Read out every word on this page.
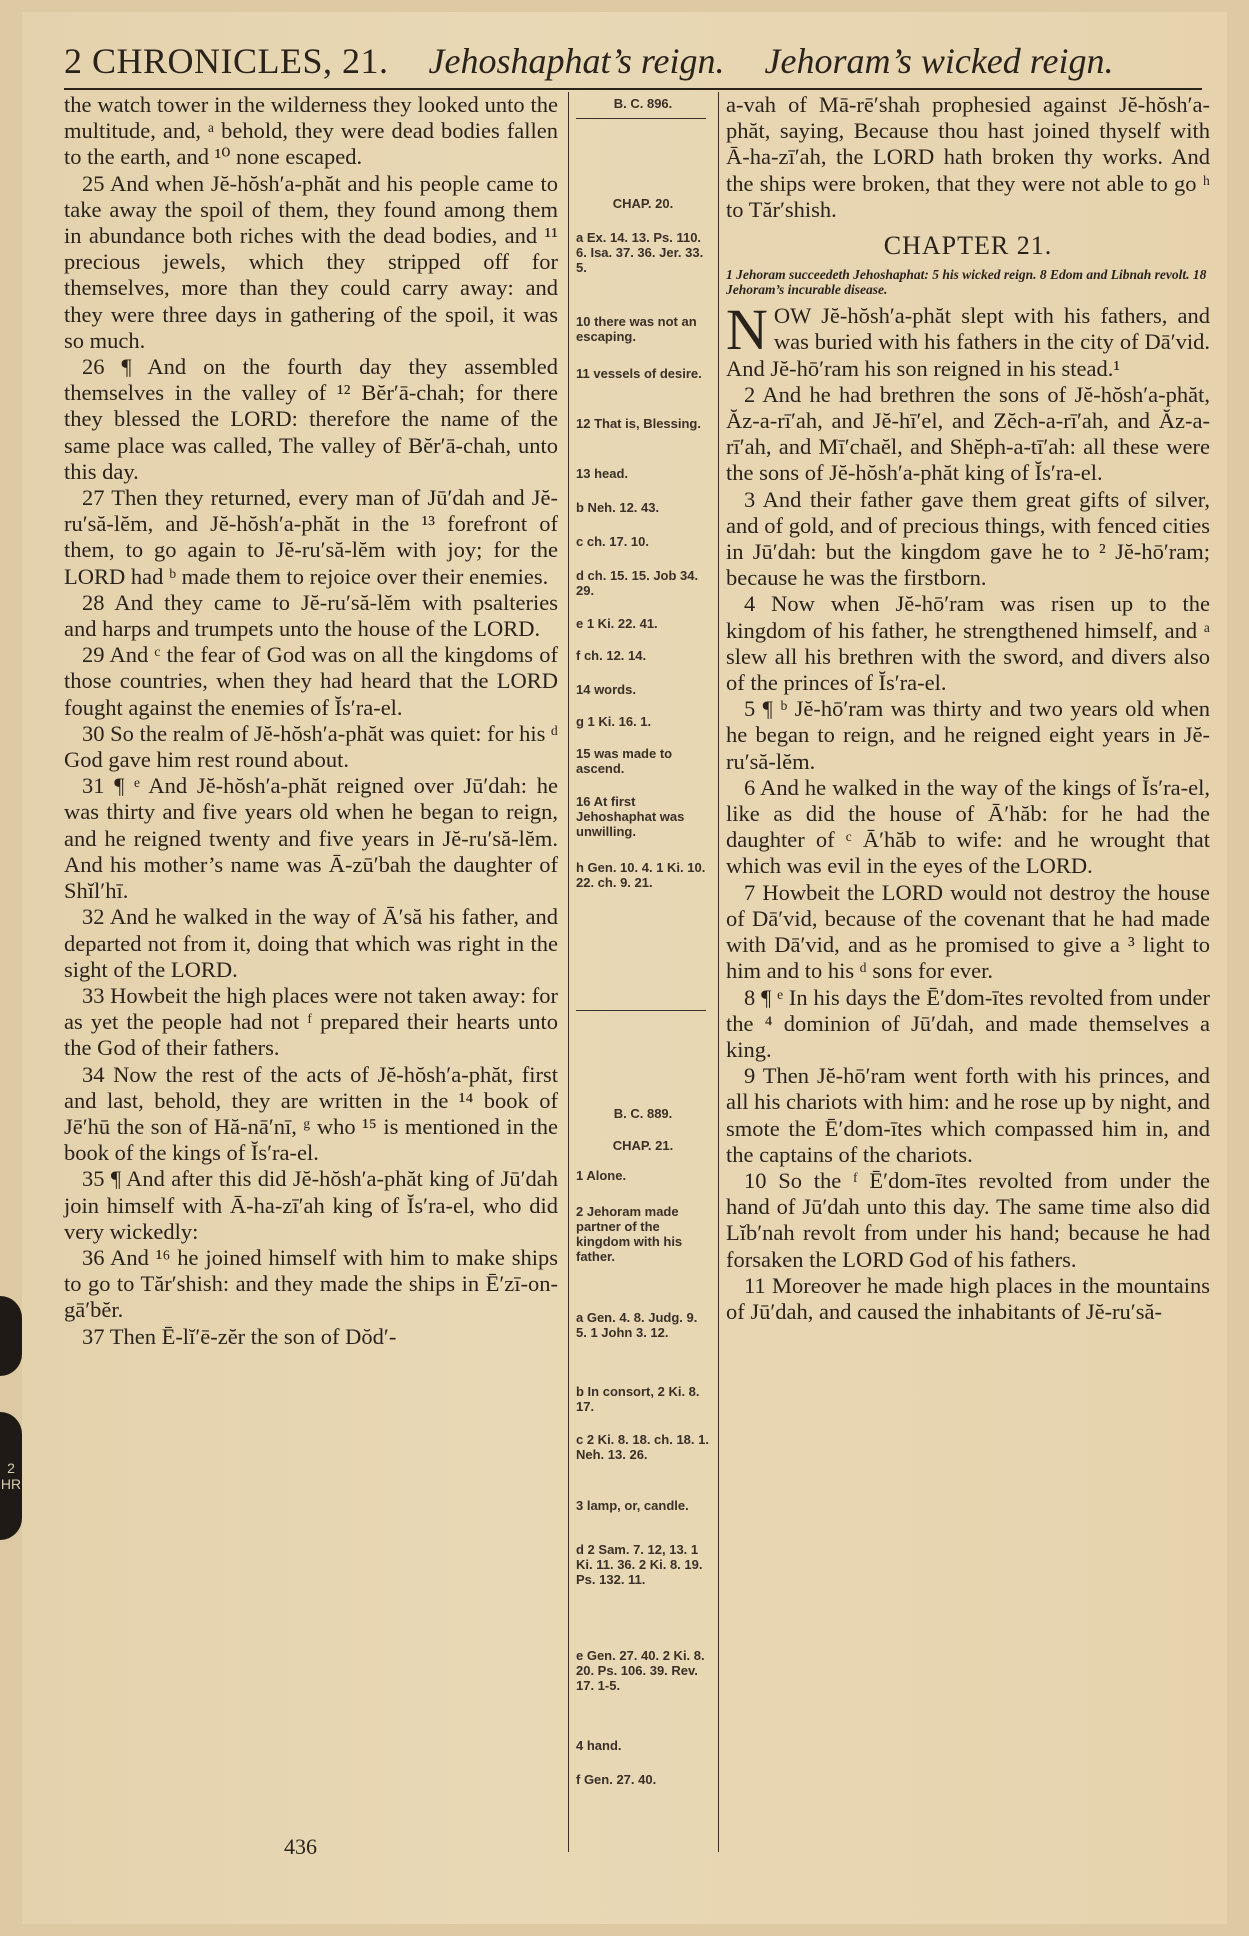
2 CHRONICLES, 21. Jehoshaphat’s reign. Jehoram’s wicked reign.

the watch tower in the wilderness they looked unto the multitude, and, ᵃ behold, they were dead bodies fallen to the earth, and ¹⁰ none escaped.

25 And when Jĕ-hŏsh′a-phăt and his people came to take away the spoil of them, they found among them in abundance both riches with the dead bodies, and ¹¹ precious jewels, which they stripped off for themselves, more than they could carry away: and they were three days in gathering of the spoil, it was so much.

26 ¶ And on the fourth day they assembled themselves in the valley of ¹² Bĕr′ā-chah; for there they blessed the LORD: therefore the name of the same place was called, The valley of Bĕr′ā-chah, unto this day.

27 Then they returned, every man of Jū′dah and Jĕ-ru′să-lĕm, and Jĕ-hŏsh′a-phăt in the ¹³ forefront of them, to go again to Jĕ-ru′să-lĕm with joy; for the LORD had ᵇ made them to rejoice over their enemies.

28 And they came to Jĕ-ru′să-lĕm with psalteries and harps and trumpets unto the house of the LORD.

29 And ᶜ the fear of God was on all the kingdoms of those countries, when they had heard that the LORD fought against the enemies of Ĭs′ra-el.

30 So the realm of Jĕ-hŏsh′a-phăt was quiet: for his ᵈ God gave him rest round about.

31 ¶ ᵉ And Jĕ-hŏsh′a-phăt reigned over Jū′dah: he was thirty and five years old when he began to reign, and he reigned twenty and five years in Jĕ-ru′să-lĕm. And his mother’s name was Ā-zū′bah the daughter of Shĭl′hī.

32 And he walked in the way of Ā′să his father, and departed not from it, doing that which was right in the sight of the LORD.

33 Howbeit the high places were not taken away: for as yet the people had not ᶠ prepared their hearts unto the God of their fathers.

34 Now the rest of the acts of Jĕ-hŏsh′a-phăt, first and last, behold, they are written in the ¹⁴ book of Jē′hū the son of Hă-nā′nī, ᵍ who ¹⁵ is mentioned in the book of the kings of Ĭs′ra-el.

35 ¶ And after this did Jĕ-hŏsh′a-phăt king of Jū′dah join himself with Ā-ha-zī′ah king of Ĭs′ra-el, who did very wickedly:

36 And ¹⁶ he joined himself with him to make ships to go to Tăr′shish: and they made the ships in Ē′zī-on-gā′bĕr.

37 Then Ē-lĭ′ē-zĕr the son of Dŏd′-

B. C. 896.
CHAP. 20.
a Ex. 14. 13. Ps. 110. 6. Isa. 37. 36. Jer. 33. 5.
10 there was not an escaping.
11 vessels of desire.
12 That is, Blessing.
13 head.
b Neh. 12. 43.
c ch. 17. 10.
d ch. 15. 15. Job 34. 29.
e 1 Ki. 22. 41.
f ch. 12. 14.
14 words.
g 1 Ki. 16. 1.
15 was made to ascend.
16 At first Jehoshaphat was unwilling.
h Gen. 10. 4. 1 Ki. 10. 22. ch. 9. 21.
B. C. 889.
CHAP. 21.
1 Alone.
2 Jehoram made partner of the kingdom with his father.
a Gen. 4. 8. Judg. 9. 5. 1 John 3. 12.
b In consort, 2 Ki. 8. 17.
c 2 Ki. 8. 18. ch. 18. 1. Neh. 13. 26.
3 lamp, or, candle.
d 2 Sam. 7. 12, 13. 1 Ki. 11. 36. 2 Ki. 8. 19. Ps. 132. 11.
e Gen. 27. 40. 2 Ki. 8. 20. Ps. 106. 39. Rev. 17. 1-5.
4 hand.
f Gen. 27. 40.

a-vah of Mā-rē′shah prophesied against Jĕ-hŏsh′a-phăt, saying, Because thou hast joined thyself with Ā-ha-zī′ah, the LORD hath broken thy works. And the ships were broken, that they were not able to go ʰ to Tăr′shish.

CHAPTER 21.
1 Jehoram succeedeth Jehoshaphat: 5 his wicked reign. 8 Edom and Libnah revolt. 18 Jehoram’s incurable disease.

NOW Jĕ-hŏsh′a-phăt slept with his fathers, and was buried with his fathers in the city of Dā′vid. And Jĕ-hō′ram his son reigned in his stead.¹

2 And he had brethren the sons of Jĕ-hŏsh′a-phăt, Ăz-a-rī′ah, and Jĕ-hī′el, and Zĕch-a-rī′ah, and Ăz-a-rī′ah, and Mī′chaĕl, and Shĕph-a-tī′ah: all these were the sons of Jĕ-hŏsh′a-phăt king of Ĭs′ra-el.

3 And their father gave them great gifts of silver, and of gold, and of precious things, with fenced cities in Jū′dah: but the kingdom gave he to ² Jĕ-hō′ram; because he was the firstborn.

4 Now when Jĕ-hō′ram was risen up to the kingdom of his father, he strengthened himself, and ᵃ slew all his brethren with the sword, and divers also of the princes of Ĭs′ra-el.

5 ¶ ᵇ Jĕ-hō′ram was thirty and two years old when he began to reign, and he reigned eight years in Jĕ-ru′să-lĕm.

6 And he walked in the way of the kings of Ĭs′ra-el, like as did the house of Ā′hăb: for he had the daughter of ᶜ Ā′hăb to wife: and he wrought that which was evil in the eyes of the LORD.

7 Howbeit the LORD would not destroy the house of Dā′vid, because of the covenant that he had made with Dā′vid, and as he promised to give a ³ light to him and to his ᵈ sons for ever.

8 ¶ ᵉ In his days the Ē′dom-ītes revolted from under the ⁴ dominion of Jū′dah, and made themselves a king.

9 Then Jĕ-hō′ram went forth with his princes, and all his chariots with him: and he rose up by night, and smote the Ē′dom-ītes which compassed him in, and the captains of the chariots.

10 So the ᶠ Ē′dom-ītes revolted from under the hand of Jū′dah unto this day. The same time also did Lĭb′nah revolt from under his hand; because he had forsaken the LORD God of his fathers.

11 Moreover he made high places in the mountains of Jū′dah, and caused the inhabitants of Jĕ-ru′să-

436
2 HR
